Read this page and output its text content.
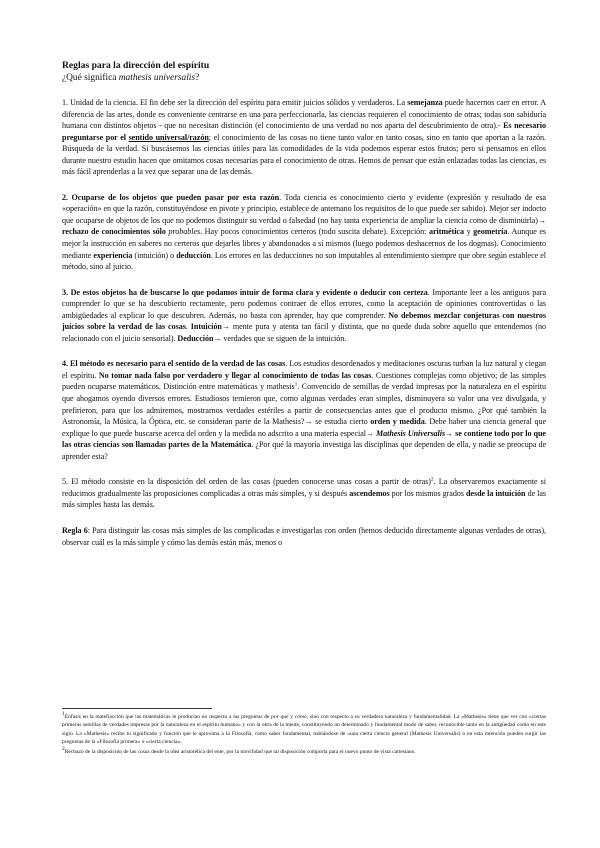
Reglas para la dirección del espíritu
¿Qué significa mathesis universalis?

1. Unidad de la ciencia. El fin debe ser la dirección del espíritu para emitir juicios sólidos y verdaderos. La semejanza puede hacernos caer en error. A diferencia de las artes, donde es conveniente centrarse en una para perfeccionarla, las ciencias requieren el conocimiento de otras; todas son sabiduría humana con distintos objetos - que no necesitan distinción (el conocimiento de una verdad no nos aparta del descubrimiento de otra).- Es necesario preguntarse por el sentido universal/razón; el conocimiento de las cosas no tiene tanto valor en tanto cosas, sino en tanto que aportan a la razón. Búsqueda de la verdad. Si buscásemos las ciencias útiles para las comodidades de la vida podemos esperar estos frutos; pero si pensamos en ellos durante nuestro estudio hacen que omitamos cosas necesarias para el conocimiento de otras. Hemos de pensar que están enlazadas todas las ciencias, es más fácil aprenderlas a la vez que separar una de las demás.

2. Ocuparse de los objetos que pueden pasar por esta razón. Toda ciencia es conocimiento cierto y evidente (expresión y resultado de esa «operación» en que la razón, constituyéndose en pivote y principio, establece de antemano los requisitos de lo que puede ser sabido). Mejor ser indocto que ocuparse de objetos de los que no podemos distinguir su verdad o falsedad (no hay tanta experiencia de ampliar la ciencia como de disminuirla)→ rechazo de conocimientos sólo probables. Hay pocos conocimientos certeros (todo suscita debate). Excepción: aritmética y geometría. Aunque es mejor la instrucción en saberes no certeros que dejarles libres y abandonados a sí mismos (luego podemos deshacernos de los dogmas). Conocimiento mediante experiencia (intuición) o deducción. Los errores en las deducciones no son imputables al entendimiento siempre que obre según establece el método, sino al juicio.

3. De estos objetos ha de buscarse lo que podamos intuir de forma clara y evidente o deducir con certeza. Importante leer a los antiguos para comprender lo que se ha descubierto rectamente, pero podemos contraer de ellos errores, como la aceptación de opiniones controvertidas o las ambigüedades al explicar lo que descubren. Además, no basta con aprender, hay que comprender. No debemos mezclar conjeturas con nuestros juicios sobre la verdad de las cosas. Intuición→ mente pura y atenta tan fácil y distinta, que no quede duda sobre aquello que entendemos (no relacionado con el juicio sensorial). Deducción→ verdades que se siguen de la intuición.

4. El método es necesario para el sentido de la verdad de las cosas. Los estudios desordenados y meditaciones oscuras turban la luz natural y ciegan el espíritu. No tomar nada falso por verdadero y llegar al conocimiento de todas las cosas. Cuestiones complejas como objetivo; de las simples pueden ocuparse matemáticos. Distinción entre matemáticas y mathesis$^1$. Convencido de semillas de verdad impresas por la naturaleza en el espíritu que ahogamos oyendo diversos errores. Estudiosos temieron que, como algunas verdades eran simples, disminuyera su valor una vez divulgada, y prefirieron, para que los admiremos, mostrarnos verdades estériles a partir de consecuencias antes que el producto mismo. ¿Por qué también la Astronomía, la Música, la Óptica, etc. se consideran parte de la Mathesis?→ se estudia cierto orden y medida. Debe haber una ciencia general que explique lo que puede buscarse acerca del orden y la medida no adscrito a una materia especial→ Mathesis Universalis→ se contiene todo por lo que las otras ciencias son llamadas partes de la Matemática. ¿Por qué la mayoría investiga las disciplinas que dependen de ella, y nadie se preocupa de aprender esta?

5. El método consiste en la disposición del orden de las cosas (pueden conocerse unas cosas a partir de otras)$^2$. La observaremos exactamente si reducimos gradualmente las proposiciones complicadas a otras más simples, y si después ascendemos por los mismos grados desde la intuición de las más simples hasta las demás.

Regla 6: Para distinguir las cosas más simples de las complicadas e investigarlas con orden (hemos deducido directamente algunas verdades de otras), observar cuál es la más simple y cómo las demás están más, menos o

$^1$Énfasis en la matefiacción que las matemáticas le producían no respecto a las preguntas de por qué y cómo, sino con respecto a su verdadera naturaleza y fundamentalidad. La «Mathesis» tiene que ver con «ciertas primeras semillas de verdades impresas por la naturaleza en el espíritu humano» y con la obra de la mente, constituyendo un determinado y fundamental modo de saber, reconocible tanto en la antigüedad como en este siglo. La «Mathesis» recibe tu significado y función que le aproxima a la Filosofía, como saber fundamental, hablándose de «una cierta ciencia general (Mathesis Universalis) o en esta intención pueden surgir las preguntas de la «Filosofía primera» o «cierta ciencia».

$^2$Rechazo de la disposición de las cosas desde la idea aristotélica del ente, por la movilidad que tal disposición comporta para el nuevo punto de vista cartesiano.
